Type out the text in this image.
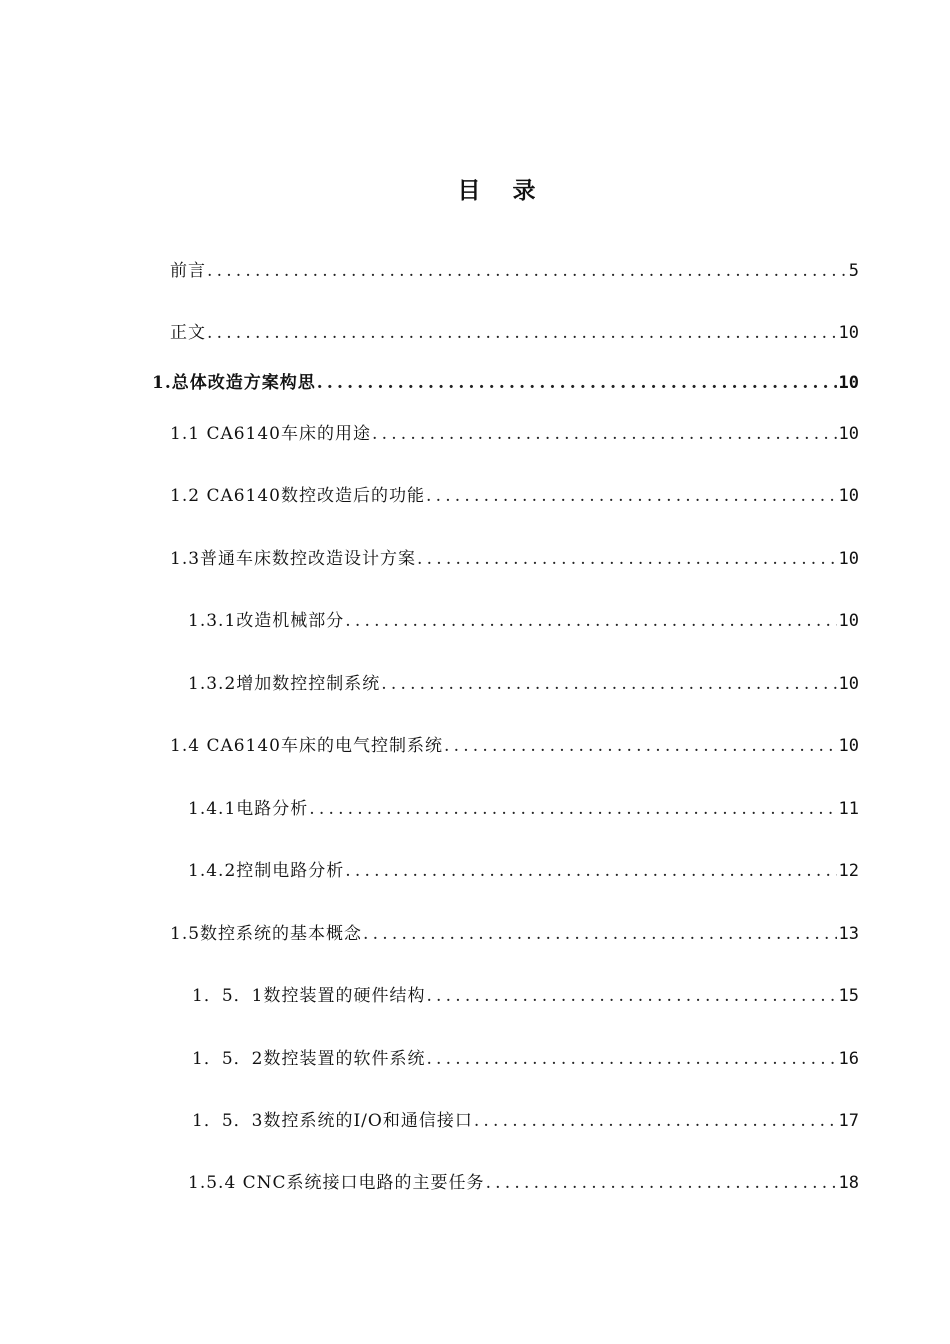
目 录
前言 .....	5
正文 .....	10
1.总体改造方案构思 .....	10
1.1 CA6140车床的用途 .....	10
1.2 CA6140数控改造后的功能 .....	10
1.3普通车床数控改造设计方案 .....	10
1.3.1改造机械部分 .....	10
1.3.2增加数控控制系统 .....	10
1.4 CA6140车床的电气控制系统 .....	10
1.4.1电路分析 .....	11
1.4.2控制电路分析 .....	12
1.5数控系统的基本概念 .....	13
1．5．1数控装置的硬件结构 .....	15
1．5．2数控装置的软件系统 .....	16
1．5．3数控系统的I/O和通信接口 .....	17
1.5.4 CNC系统接口电路的主要任务 .....	18
